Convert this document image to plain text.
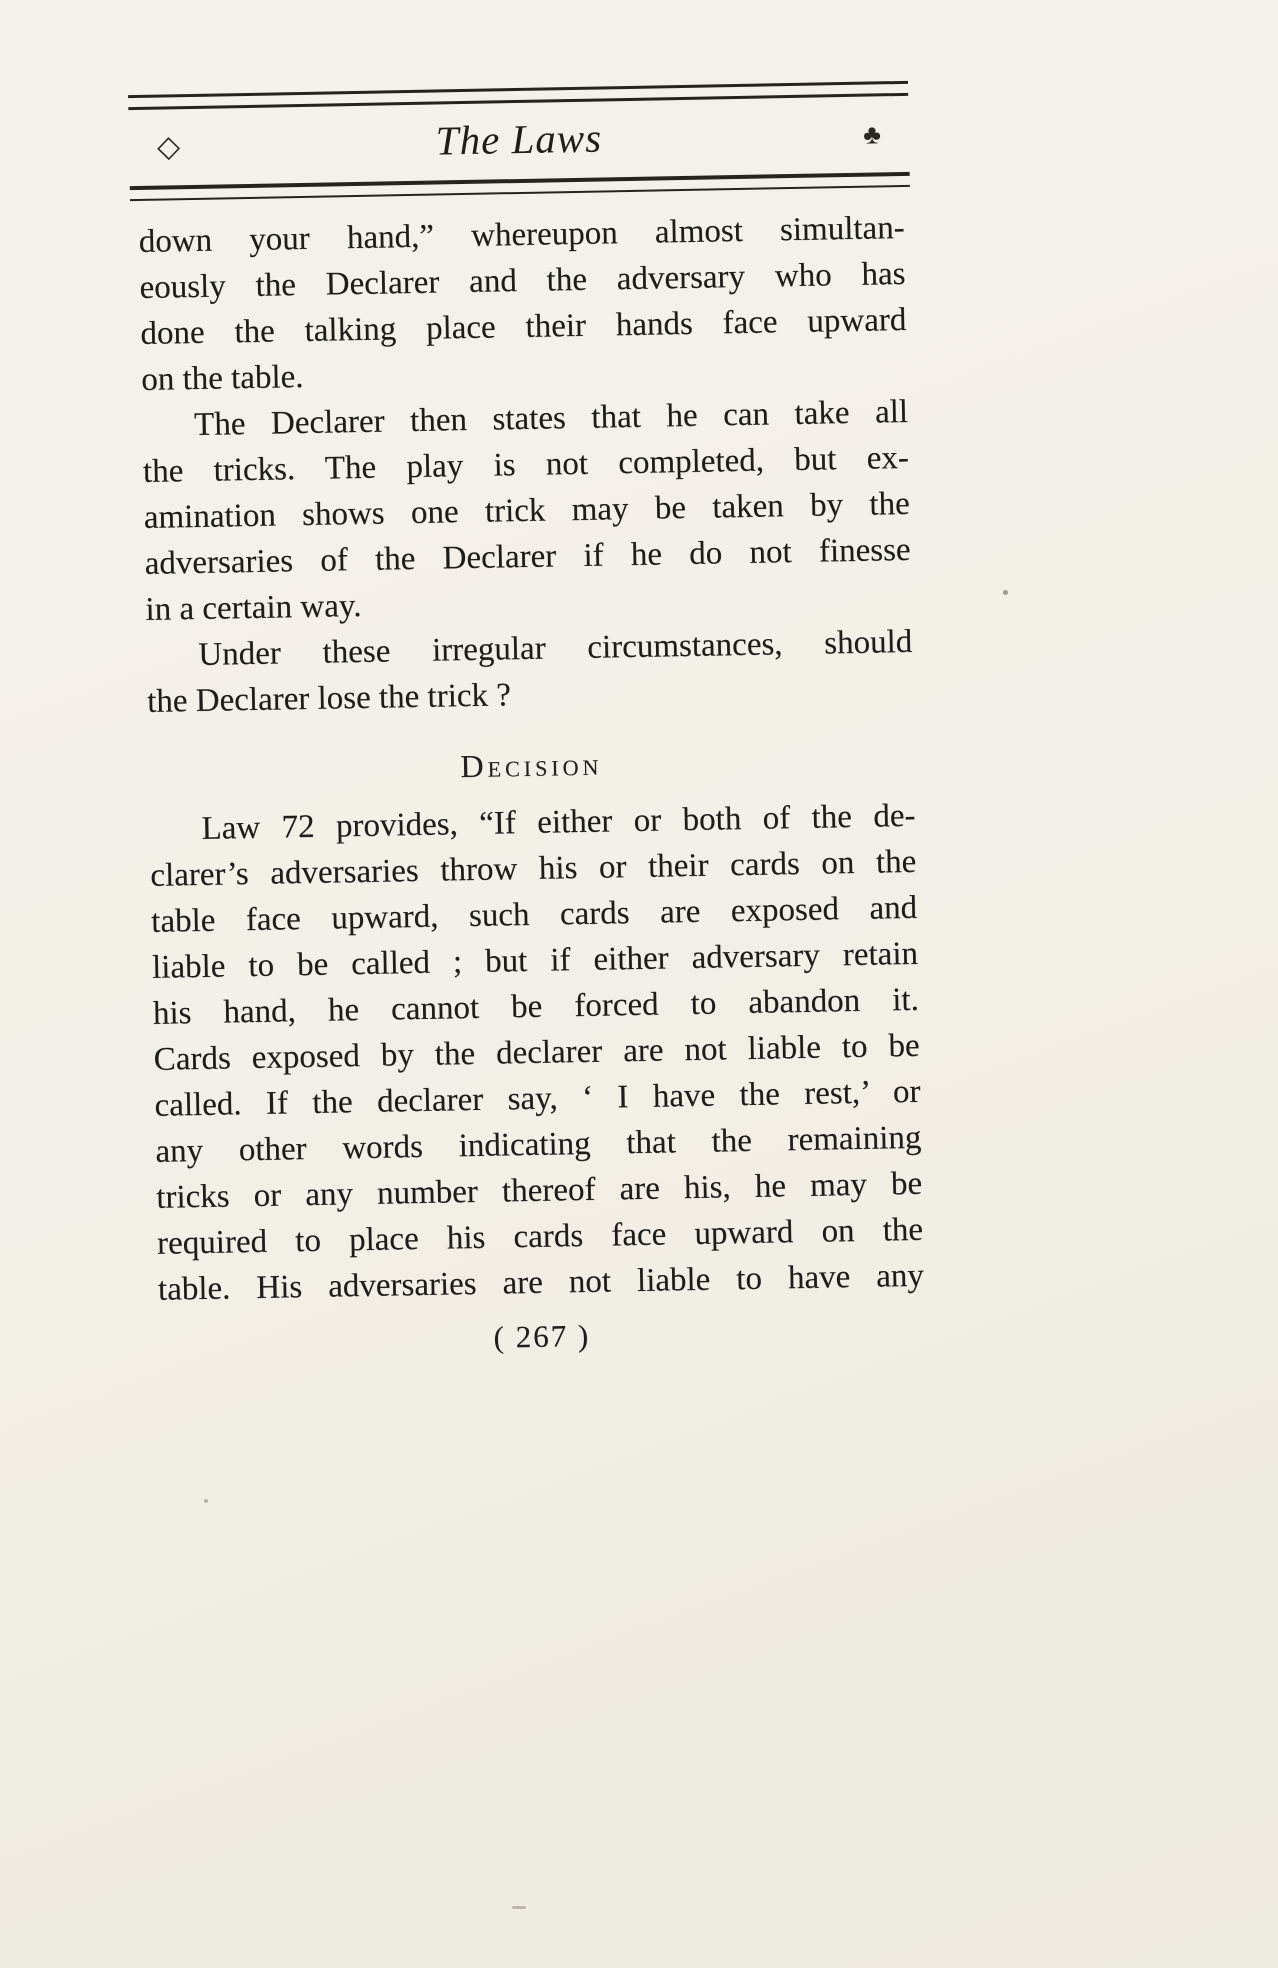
◇	The Laws	♣
down your hand,” whereupon almost simultan-
eously the Declarer and the adversary who has
done the talking place their hands face upward
on the table.
The Declarer then states that he can take all
the tricks. The play is not completed, but ex-
amination shows one trick may be taken by the
adversaries of the Declarer if he do not finesse
in a certain way.
Under these irregular circumstances, should
the Declarer lose the trick ?
Decision
Law 72 provides, “If either or both of the de-
clarer’s adversaries throw his or their cards on the
table face upward, such cards are exposed and
liable to be called ; but if either adversary retain
his hand, he cannot be forced to abandon it.
Cards exposed by the declarer are not liable to be
called. If the declarer say, ‘ I have the rest,’ or
any other words indicating that the remaining
tricks or any number thereof are his, he may be
required to place his cards face upward on the
table. His adversaries are not liable to have any
( 267 )
